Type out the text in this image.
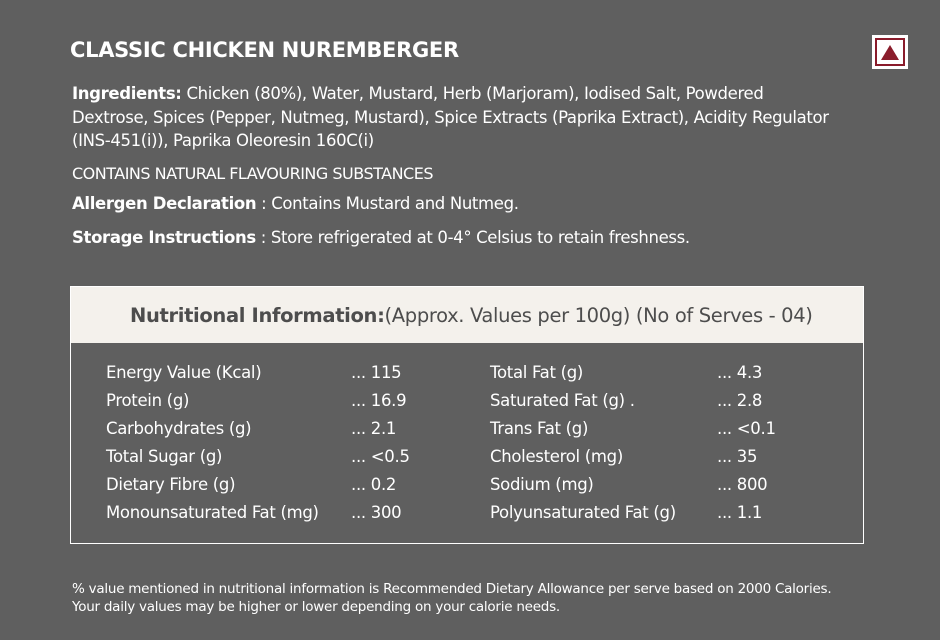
CLASSIC CHICKEN NUREMBERGER
Ingredients: Chicken (80%), Water, Mustard, Herb (Marjoram), Iodised Salt, Powdered Dextrose, Spices (Pepper, Nutmeg, Mustard), Spice Extracts (Paprika Extract), Acidity Regulator (INS-451(i)), Paprika Oleoresin 160C(i)
CONTAINS NATURAL FLAVOURING SUBSTANCES
Allergen Declaration : Contains Mustard and Nutmeg.
Storage Instructions : Store refrigerated at 0-4° Celsius to retain freshness.
Nutritional Information: (Approx. Values per 100g) (No of Serves - 04)
Energy Value (Kcal)	... 115	Total Fat (g)	... 4.3
Protein (g)	... 16.9	Saturated Fat (g) .	... 2.8
Carbohydrates (g)	... 2.1	Trans Fat (g)	... <0.1
Total Sugar (g)	... <0.5	Cholesterol (mg)	... 35
Dietary Fibre (g)	... 0.2	Sodium (mg)	... 800
Monounsaturated Fat (mg) ... 300	Polyunsaturated Fat (g) ... 1.1
% value mentioned in nutritional information is Recommended Dietary Allowance per serve based on 2000 Calories.
Your daily values may be higher or lower depending on your calorie needs.
